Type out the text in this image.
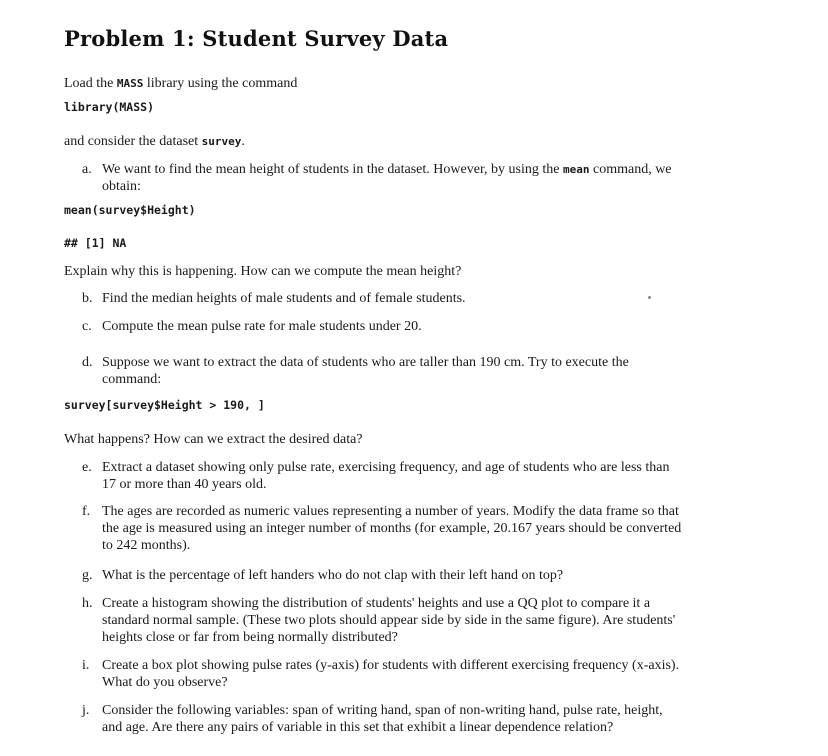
Problem 1: Student Survey Data
Load the MASS library using the command
library(MASS)
and consider the dataset survey.
a. We want to find the mean height of students in the dataset. However, by using the mean command, we
obtain:
mean(survey$Height)
## [1] NA
Explain why this is happening. How can we compute the mean height?
b. Find the median heights of male students and of female students.
c. Compute the mean pulse rate for male students under 20.
d. Suppose we want to extract the data of students who are taller than 190 cm. Try to execute the
command:
survey[survey$Height > 190, ]
What happens? How can we extract the desired data?
e. Extract a dataset showing only pulse rate, exercising frequency, and age of students who are less than
17 or more than 40 years old.
f. The ages are recorded as numeric values representing a number of years. Modify the data frame so that
the age is measured using an integer number of months (for example, 20.167 years should be converted
to 242 months).
g. What is the percentage of left handers who do not clap with their left hand on top?
h. Create a histogram showing the distribution of students' heights and use a QQ plot to compare it a
standard normal sample. (These two plots should appear side by side in the same figure). Are students'
heights close or far from being normally distributed?
i. Create a box plot showing pulse rates (y-axis) for students with different exercising frequency (x-axis).
What do you observe?
j. Consider the following variables: span of writing hand, span of non-writing hand, pulse rate, height,
and age. Are there any pairs of variable in this set that exhibit a linear dependence relation?
